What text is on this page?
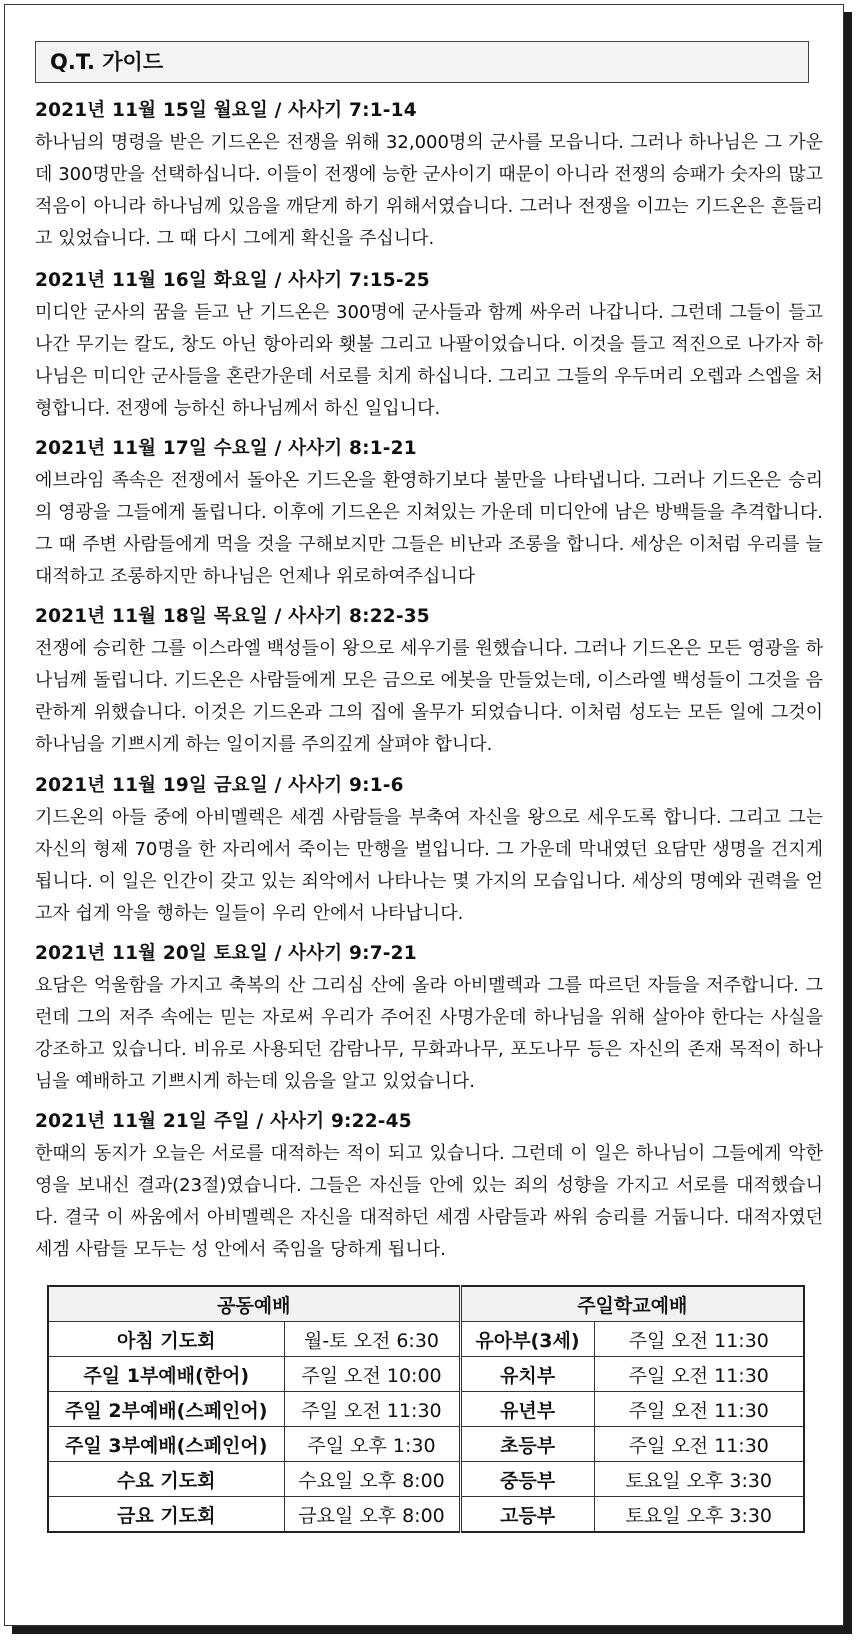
Q.T. 가이드
2021년 11월 15일 월요일 / 사사기 7:1-14
하나님의 명령을 받은 기드온은 전쟁을 위해 32,000명의 군사를 모읍니다. 그러나 하나님은 그 가운데 300명만을 선택하십니다. 이들이 전쟁에 능한 군사이기 때문이 아니라 전쟁의 승패가 숫자의 많고 적음이 아니라 하나님께 있음을 깨닫게 하기 위해서였습니다. 그러나 전쟁을 이끄는 기드온은 흔들리고 있었습니다. 그 때 다시 그에게 확신을 주십니다.
2021년 11월 16일 화요일 / 사사기 7:15-25
미디안 군사의 꿈을 듣고 난 기드온은 300명에 군사들과 함께 싸우러 나갑니다. 그런데 그들이 들고 나간 무기는 칼도, 창도 아닌 항아리와 횃불 그리고 나팔이었습니다. 이것을 들고 적진으로 나가자 하나님은 미디안 군사들을 혼란가운데 서로를 치게 하십니다. 그리고 그들의 우두머리 오렙과 스엡을 처형합니다. 전쟁에 능하신 하나님께서 하신 일입니다.
2021년 11월 17일 수요일 / 사사기 8:1-21
에브라임 족속은 전쟁에서 돌아온 기드온을 환영하기보다 불만을 나타냅니다. 그러나 기드온은 승리의 영광을 그들에게 돌립니다. 이후에 기드온은 지쳐있는 가운데 미디안에 남은 방백들을 추격합니다. 그 때 주변 사람들에게 먹을 것을 구해보지만 그들은 비난과 조롱을 합니다. 세상은 이처럼 우리를 늘 대적하고 조롱하지만 하나님은 언제나 위로하여주십니다
2021년 11월 18일 목요일 / 사사기 8:22-35
전쟁에 승리한 그를 이스라엘 백성들이 왕으로 세우기를 원했습니다. 그러나 기드온은 모든 영광을 하나님께 돌립니다. 기드온은 사람들에게 모은 금으로 에봇을 만들었는데, 이스라엘 백성들이 그것을 음란하게 위했습니다. 이것은 기드온과 그의 집에 올무가 되었습니다. 이처럼 성도는 모든 일에 그것이 하나님을 기쁘시게 하는 일이지를 주의깊게 살펴야 합니다.
2021년 11월 19일 금요일 / 사사기 9:1-6
기드온의 아들 중에 아비멜렉은 세겜 사람들을 부축여 자신을 왕으로 세우도록 합니다. 그리고 그는 자신의 형제 70명을 한 자리에서 죽이는 만행을 벌입니다. 그 가운데 막내였던 요담만 생명을 건지게 됩니다. 이 일은 인간이 갖고 있는 죄악에서 나타나는 몇 가지의 모습입니다. 세상의 명예와 권력을 얻고자 쉽게 악을 행하는 일들이 우리 안에서 나타납니다.
2021년 11월 20일 토요일 / 사사기 9:7-21
요담은 억울함을 가지고 축복의 산 그리심 산에 올라 아비멜렉과 그를 따르던 자들을 저주합니다. 그런데 그의 저주 속에는 믿는 자로써 우리가 주어진 사명가운데 하나님을 위해 살아야 한다는 사실을 강조하고 있습니다. 비유로 사용되던 감람나무, 무화과나무, 포도나무 등은 자신의 존재 목적이 하나님을 예배하고 기쁘시게 하는데 있음을 알고 있었습니다.
2021년 11월 21일 주일 / 사사기 9:22-45
한때의 동지가 오늘은 서로를 대적하는 적이 되고 있습니다. 그런데 이 일은 하나님이 그들에게 악한 영을 보내신 결과(23절)였습니다. 그들은 자신들 안에 있는 죄의 성향을 가지고 서로를 대적했습니다. 결국 이 싸움에서 아비멜렉은 자신을 대적하던 세겜 사람들과 싸워 승리를 거둡니다. 대적자였던 세겜 사람들 모두는 성 안에서 죽임을 당하게 됩니다.
공동예배		주일학교예배	
아침 기도회	월-토 오전 6:30	유아부(3세)	주일 오전 11:30
주일 1부예배(한어)	주일 오전 10:00	유치부	주일 오전 11:30
주일 2부예배(스페인어)	주일 오전 11:30	유년부	주일 오전 11:30
주일 3부예배(스페인어)	주일 오후 1:30	초등부	주일 오전 11:30
수요 기도회	수요일 오후 8:00	중등부	토요일 오후 3:30
금요 기도회	금요일 오후 8:00	고등부	토요일 오후 3:30
